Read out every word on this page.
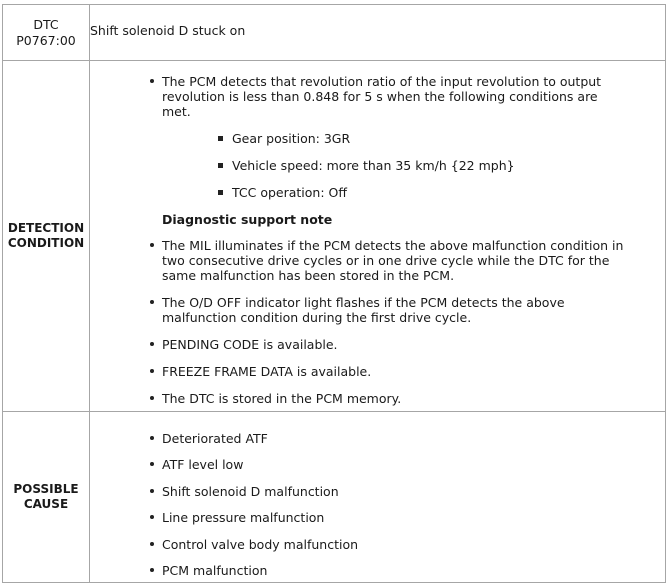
DTC
P0767:00
Shift solenoid D stuck on
DETECTION
CONDITION
The PCM detects that revolution ratio of the input revolution to output
revolution is less than 0.848 for 5 s when the following conditions are
met.
Gear position: 3GR
Vehicle speed: more than 35 km/h {22 mph}
TCC operation: Off
Diagnostic support note
The MIL illuminates if the PCM detects the above malfunction condition in
two consecutive drive cycles or in one drive cycle while the DTC for the
same malfunction has been stored in the PCM.
The O/D OFF indicator light flashes if the PCM detects the above
malfunction condition during the first drive cycle.
PENDING CODE is available.
FREEZE FRAME DATA is available.
The DTC is stored in the PCM memory.
POSSIBLE
CAUSE
Deteriorated ATF
ATF level low
Shift solenoid D malfunction
Line pressure malfunction
Control valve body malfunction
PCM malfunction
